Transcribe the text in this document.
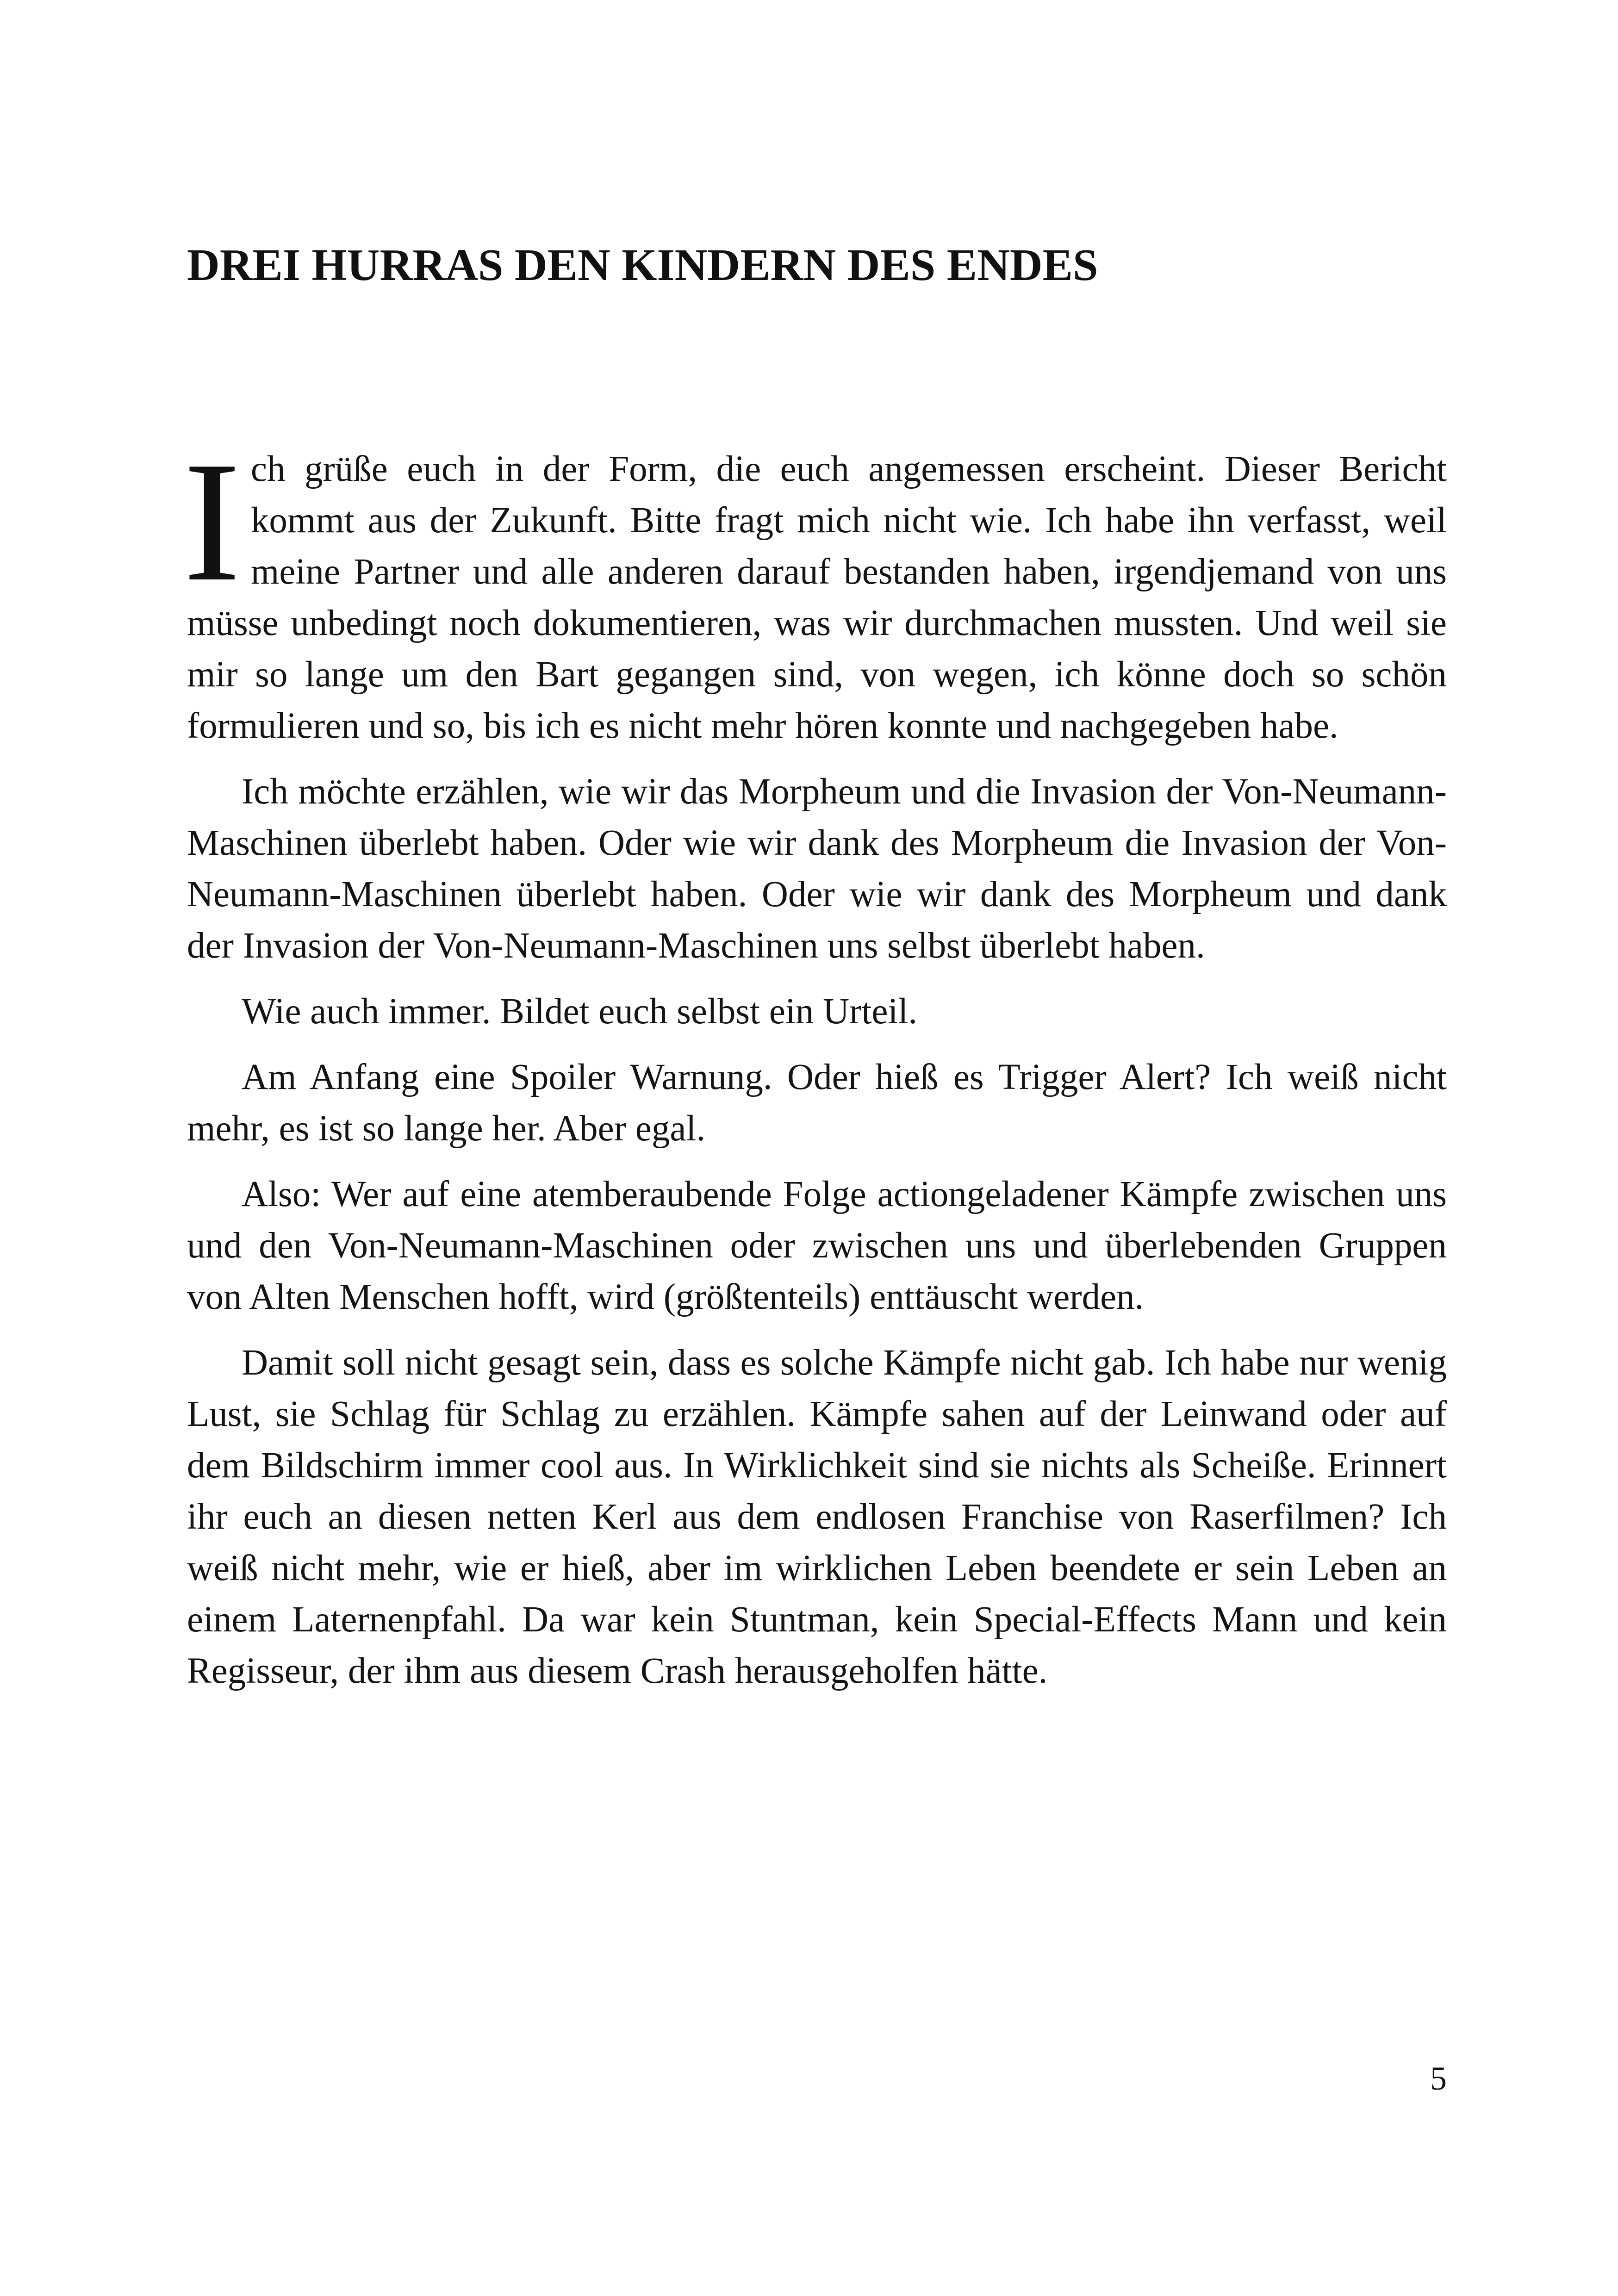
DREI HURRAS DEN KINDERN DES ENDES

Ich grüße euch in der Form, die euch angemessen erscheint. Dieser Bericht kommt aus der Zukunft. Bitte fragt mich nicht wie. Ich habe ihn verfasst, weil meine Partner und alle anderen darauf bestanden haben, irgendjemand von uns müsse unbedingt noch dokumentieren, was wir durchmachen mussten. Und weil sie mir so lange um den Bart gegangen sind, von wegen, ich könne doch so schön formulieren und so, bis ich es nicht mehr hören konnte und nachgegeben habe.

Ich möchte erzählen, wie wir das Morpheum und die Invasion der Von-Neumann-Maschinen überlebt haben. Oder wie wir dank des Morpheum die Invasion der Von-Neumann-Maschinen überlebt haben. Oder wie wir dank des Morpheum und dank der Invasion der Von-Neumann-Maschinen uns selbst überlebt haben.

Wie auch immer. Bildet euch selbst ein Urteil.

Am Anfang eine Spoiler Warnung. Oder hieß es Trigger Alert? Ich weiß nicht mehr, es ist so lange her. Aber egal.

Also: Wer auf eine atemberaubende Folge actiongeladener Kämpfe zwischen uns und den Von-Neumann-Maschinen oder zwischen uns und überlebenden Gruppen von Alten Menschen hofft, wird (größtenteils) enttäuscht werden.

Damit soll nicht gesagt sein, dass es solche Kämpfe nicht gab. Ich habe nur wenig Lust, sie Schlag für Schlag zu erzählen. Kämpfe sahen auf der Leinwand oder auf dem Bildschirm immer cool aus. In Wirklichkeit sind sie nichts als Scheiße. Erinnert ihr euch an diesen netten Kerl aus dem endlosen Franchise von Raserfilmen? Ich weiß nicht mehr, wie er hieß, aber im wirklichen Leben beendete er sein Leben an einem Laternenpfahl. Da war kein Stuntman, kein Special-Effects Mann und kein Regisseur, der ihm aus diesem Crash herausgeholfen hätte.

5
